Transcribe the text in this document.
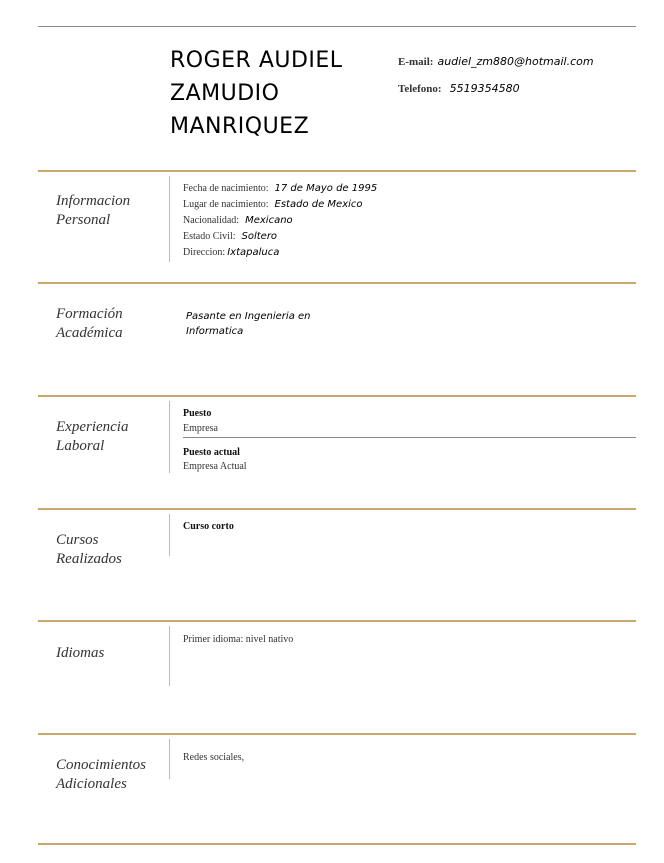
ROGER AUDIEL
ZAMUDIO
MANRIQUEZ
E-mail: audiel_zm880@hotmail.com
Telefono: 5519354580
Informacion
Personal
Fecha de nacimiento: 17 de Mayo de 1995
Lugar de nacimiento: Estado de Mexico
Nacionalidad: Mexicano
Estado Civil: Soltero
Direccion: Ixtapaluca
Formación
Académica
Pasante en Ingenieria en
Informatica
Experiencia
Laboral
Puesto
Empresa
Puesto actual
Empresa Actual
Cursos
Realizados
Curso corto
Idiomas
Primer idioma: nivel nativo
Conocimientos
Adicionales
Redes sociales,
